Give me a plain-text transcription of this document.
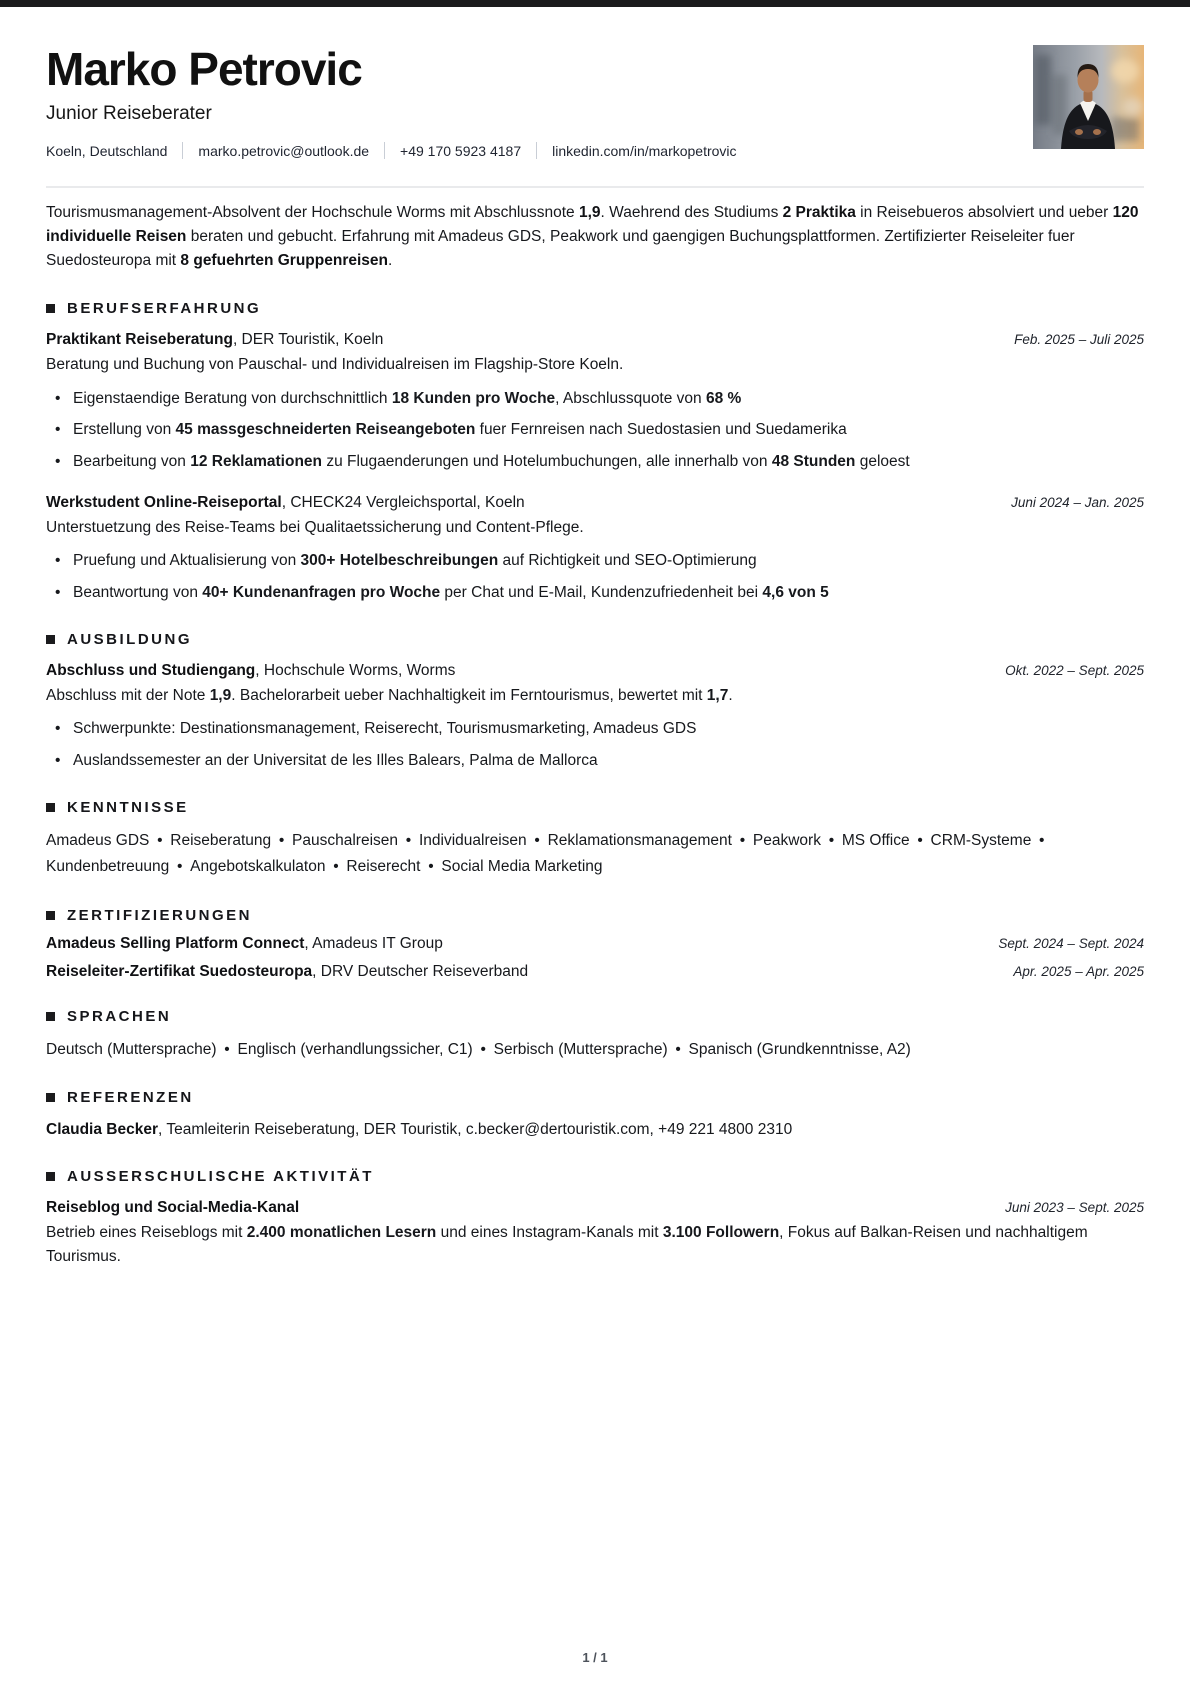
Marko Petrovic
Junior Reiseberater
Koeln, Deutschland marko.petrovic@outlook.de +49 170 5923 4187 linkedin.com/in/markopetrovic

Tourismusmanagement-Absolvent der Hochschule Worms mit Abschlussnote 1,9. Waehrend des Studiums 2 Praktika in Reisebueros absolviert und ueber 120 individuelle Reisen beraten und gebucht. Erfahrung mit Amadeus GDS, Peakwork und gaengigen Buchungsplattformen. Zertifizierter Reiseleiter fuer Suedosteuropa mit 8 gefuehrten Gruppenreisen.

BERUFSERFAHRUNG
Praktikant Reiseberatung, DER Touristik, Koeln	Feb. 2025 – Juli 2025
Beratung und Buchung von Pauschal- und Individualreisen im Flagship-Store Koeln.
• Eigenstaendige Beratung von durchschnittlich 18 Kunden pro Woche, Abschlussquote von 68 %
• Erstellung von 45 massgeschneiderten Reiseangeboten fuer Fernreisen nach Suedostasien und Suedamerika
• Bearbeitung von 12 Reklamationen zu Flugaenderungen und Hotelumbuchungen, alle innerhalb von 48 Stunden geloest
Werkstudent Online-Reiseportal, CHECK24 Vergleichsportal, Koeln	Juni 2024 – Jan. 2025
Unterstuetzung des Reise-Teams bei Qualitaetssicherung und Content-Pflege.
• Pruefung und Aktualisierung von 300+ Hotelbeschreibungen auf Richtigkeit und SEO-Optimierung
• Beantwortung von 40+ Kundenanfragen pro Woche per Chat und E-Mail, Kundenzufriedenheit bei 4,6 von 5
AUSBILDUNG
Abschluss und Studiengang, Hochschule Worms, Worms	Okt. 2022 – Sept. 2025
Abschluss mit der Note 1,9. Bachelorarbeit ueber Nachhaltigkeit im Ferntourismus, bewertet mit 1,7.
• Schwerpunkte: Destinationsmanagement, Reiserecht, Tourismusmarketing, Amadeus GDS
• Auslandssemester an der Universitat de les Illes Balears, Palma de Mallorca
KENNTNISSE

Amadeus GDS • Reiseberatung • Pauschalreisen • Individualreisen • Reklamationsmanagement • Peakwork • MS Office • CRM-Systeme • Kundenbetreuung • Angebotskalkulaton • Reiserecht • Social Media Marketing

ZERTIFIZIERUNGEN
Amadeus Selling Platform Connect, Amadeus IT Group	Sept. 2024 – Sept. 2024
Reiseleiter-Zertifikat Suedosteuropa, DRV Deutscher Reiseverband	Apr. 2025 – Apr. 2025
SPRACHEN

Deutsch (Muttersprache) • Englisch (verhandlungssicher, C1) • Serbisch (Muttersprache) • Spanisch (Grundkenntnisse, A2)

REFERENZEN

Claudia Becker, Teamleiterin Reiseberatung, DER Touristik, c.becker@dertouristik.com, +49 221 4800 2310

AUSSERSCHULISCHE AKTIVITÄT
Reiseblog und Social-Media-Kanal	Juni 2023 – Sept. 2025
Betrieb eines Reiseblogs mit 2.400 monatlichen Lesern und eines Instagram-Kanals mit 3.100 Followern, Fokus auf Balkan-Reisen und nachhaltigem Tourismus.
1 / 1
